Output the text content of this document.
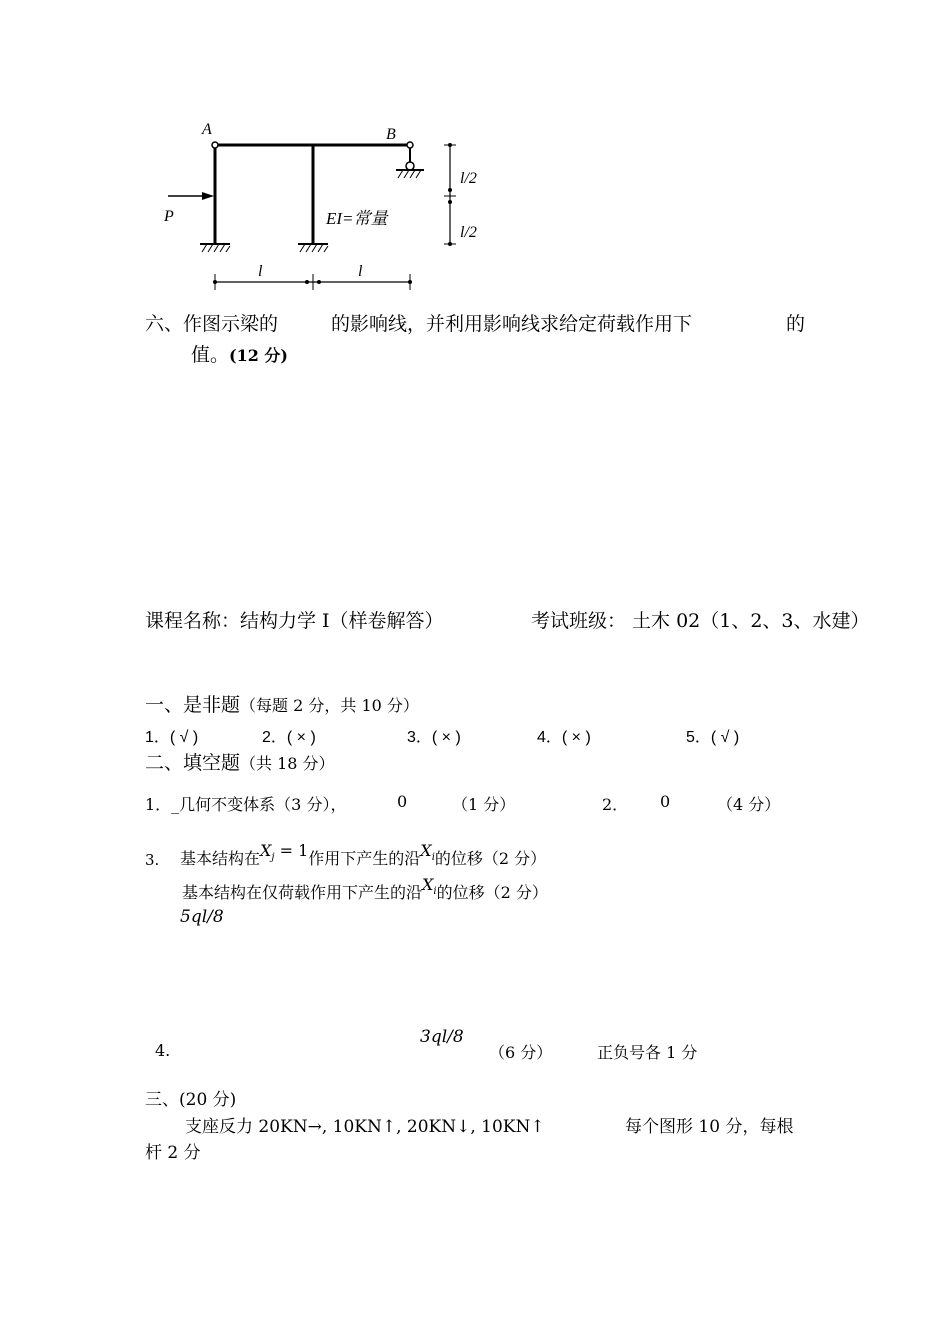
A	B
P	EI=常量
l/2
l/2
l	l
六、作图示梁的	的影响线，并利用影响线求给定荷载作用下	的
值。(12 分)
课程名称：结构力学 I（样卷解答）	考试班级： 土木 02（1、2、3、水建）
一、是非题（每题 2 分，共 10 分）
1．( √ )	2．( × )	3．( × )	4．( × )	5．( √ )
二、填空题（共 18 分）
1．_几何不变体系（3 分），	0	（1 分）	2． 0	（4 分）
3. 基本结构在$X_j = 1$作用下产生的沿$X_i$的位移（2 分）
基本结构在仅荷载作用下产生的沿$X_i$的位移（2 分）
5ql/8
3ql/8
4.	（6 分）	正负号各 1 分
三、(20 分)
支座反力 20KN→, 10KN↑, 20KN↓, 10KN↑	每个图形 10 分，每根
杆 2 分
